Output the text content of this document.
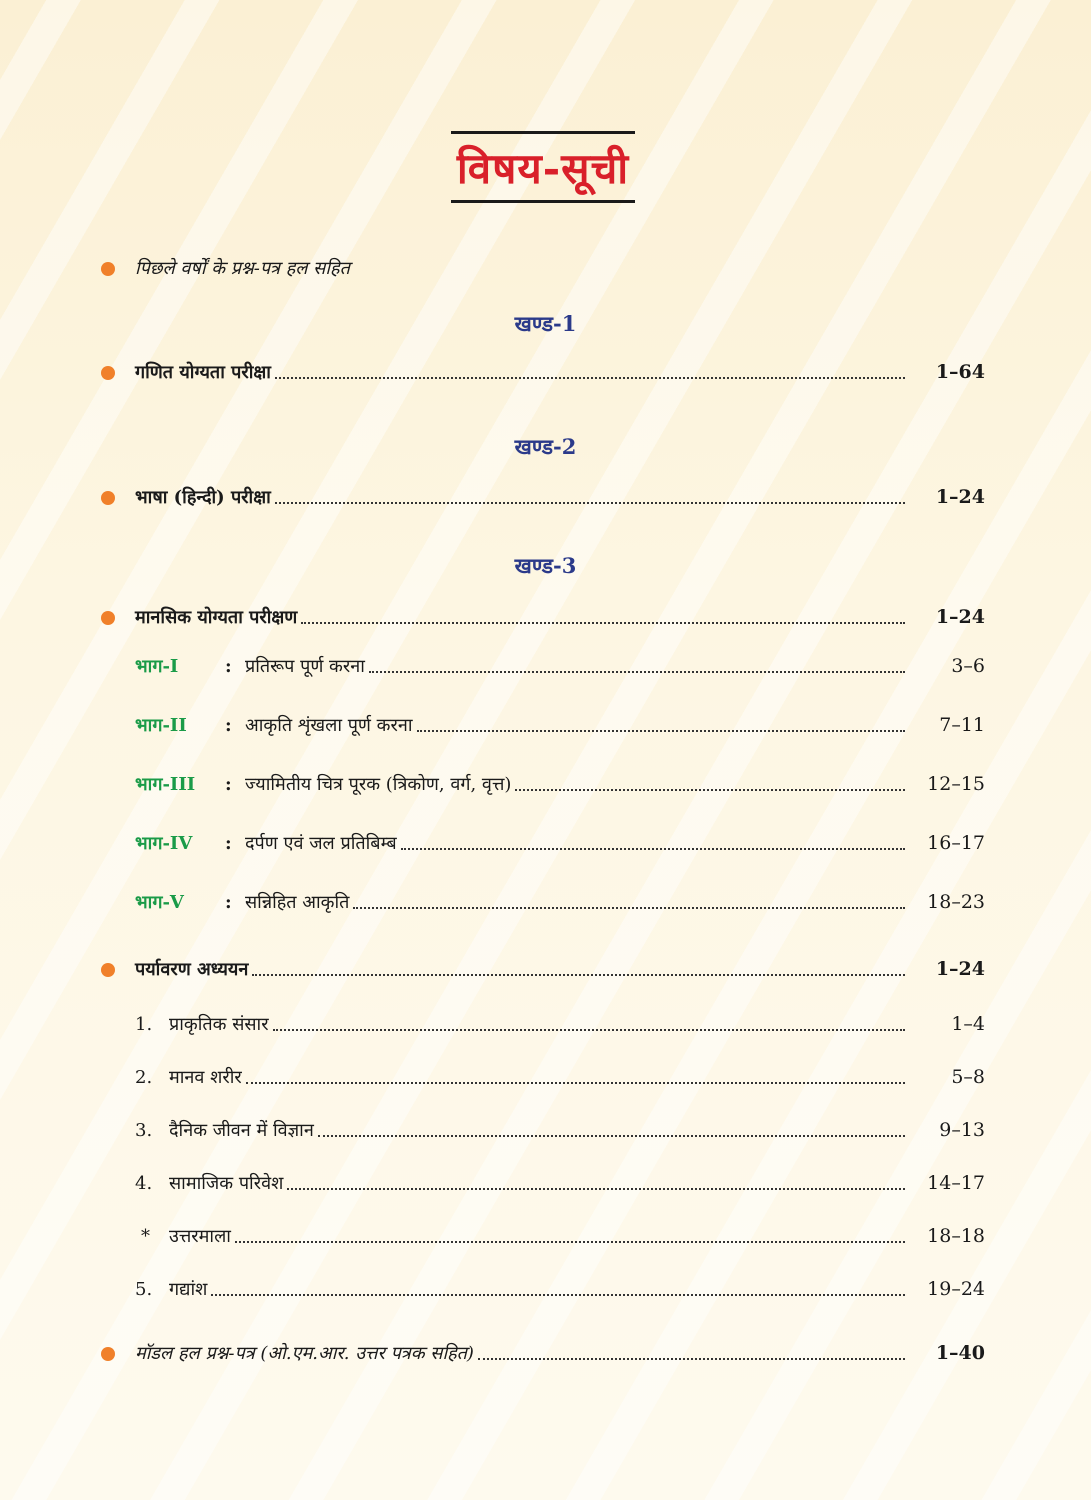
विषय-सूची
पिछले वर्षों के प्रश्न-पत्र हल सहित
खण्ड-1
गणित योग्यता परीक्षा	1–64
खण्ड-2
भाषा (हिन्दी) परीक्षा	1–24
खण्ड-3
मानसिक योग्यता परीक्षण	1–24
भाग-I	: प्रतिरूप पूर्ण करना	3–6
भाग-II	: आकृति शृंखला पूर्ण करना	7–11
भाग-III	: ज्यामितीय चित्र पूरक (त्रिकोण, वर्ग, वृत्त)	12–15
भाग-IV	: दर्पण एवं जल प्रतिबिम्ब	16–17
भाग-V	: सन्निहित आकृति	18–23
पर्यावरण अध्ययन	1–24
1. प्राकृतिक संसार	1–4
2. मानव शरीर	5–8
3. दैनिक जीवन में विज्ञान	9–13
4. सामाजिक परिवेश	14–17
*	उत्तरमाला	18–18
5. गद्यांश	19–24
मॉडल हल प्रश्न-पत्र (ओ.एम.आर. उत्तर पत्रक सहित)	1–40
